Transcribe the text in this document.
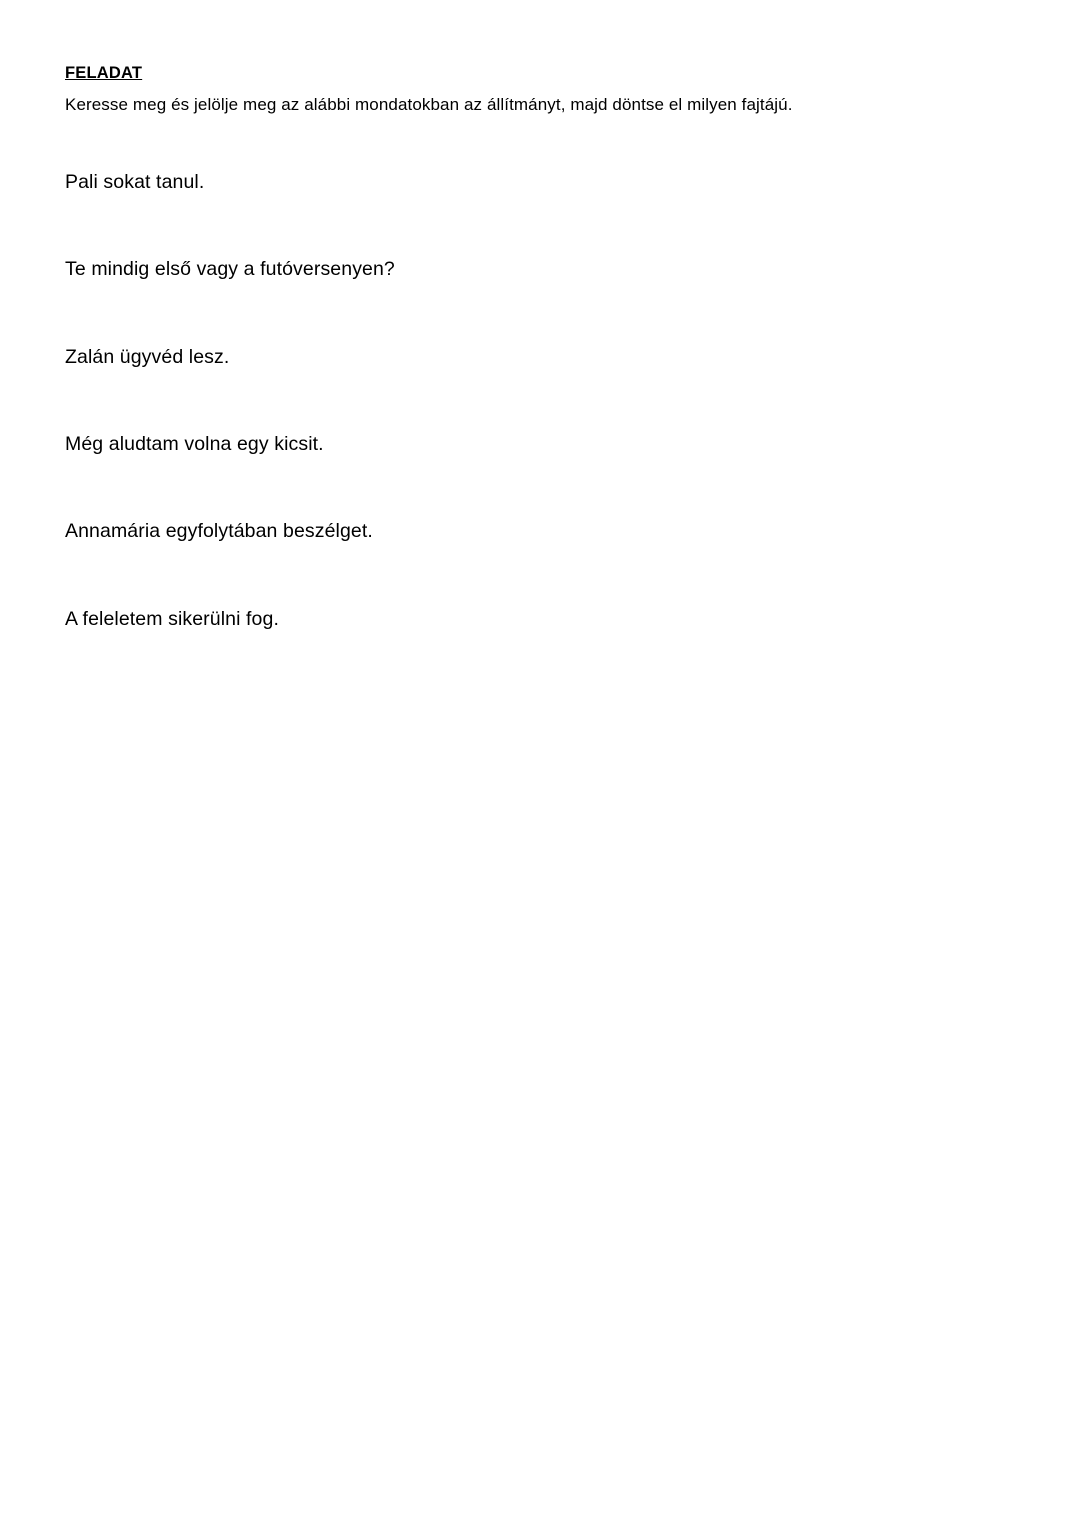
FELADAT

Keresse meg és jelölje meg az alábbi mondatokban az állítmányt, majd döntse el milyen fajtájú.

Pali sokat tanul.

Te mindig első vagy a futóversenyen?

Zalán ügyvéd lesz.

Még aludtam volna egy kicsit.

Annamária egyfolytában beszélget.

A feleletem sikerülni fog.
